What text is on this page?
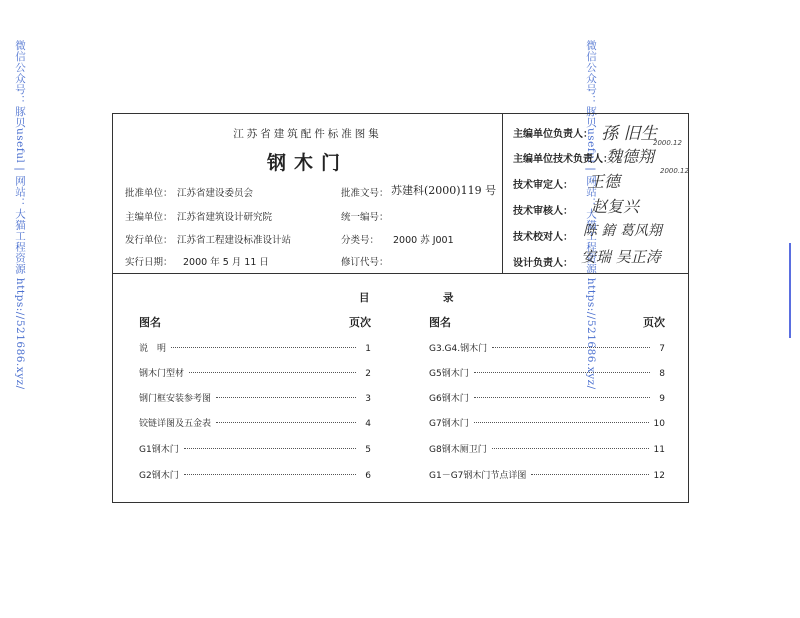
微信公众号：豚贝useful | 网站：大猫工程资源 https://521686.xyz/	微信公众号：豚贝useful | 网站：大猫工程资源 https://521686.xyz/
江苏省建筑配件标准图集
钢木门
批准单位： 江苏省建设委员会
主编单位： 江苏省建筑设计研究院
发行单位： 江苏省工程建设标准设计站
实行日期： 2000 年 5 月 11 日
批准文号： 苏建科(2000)119 号
统一编号：
分类号： 2000 苏 J001
修订代号：
主编单位负责人： 孫 旧生
2000.12
主编单位技术负责人：
魏德翔
2000.12
技术审定人： 王德
技术审核人： 赵复兴
技术校对人： 陈 錥 葛风翔
设计负责人： 安瑞 吴正涛
目	录
图名	页次	图名	页次
说　明	1
钢木门型材	2
钢门框安装参考图	3
铰链详图及五金表	4
G1钢木门	5
G2钢木门	6
G3.G4.钢木门	7
G5钢木门	8
G6钢木门	9
G7钢木门	10
G8钢木厕卫门	11
G1－G7钢木门节点详图	12
